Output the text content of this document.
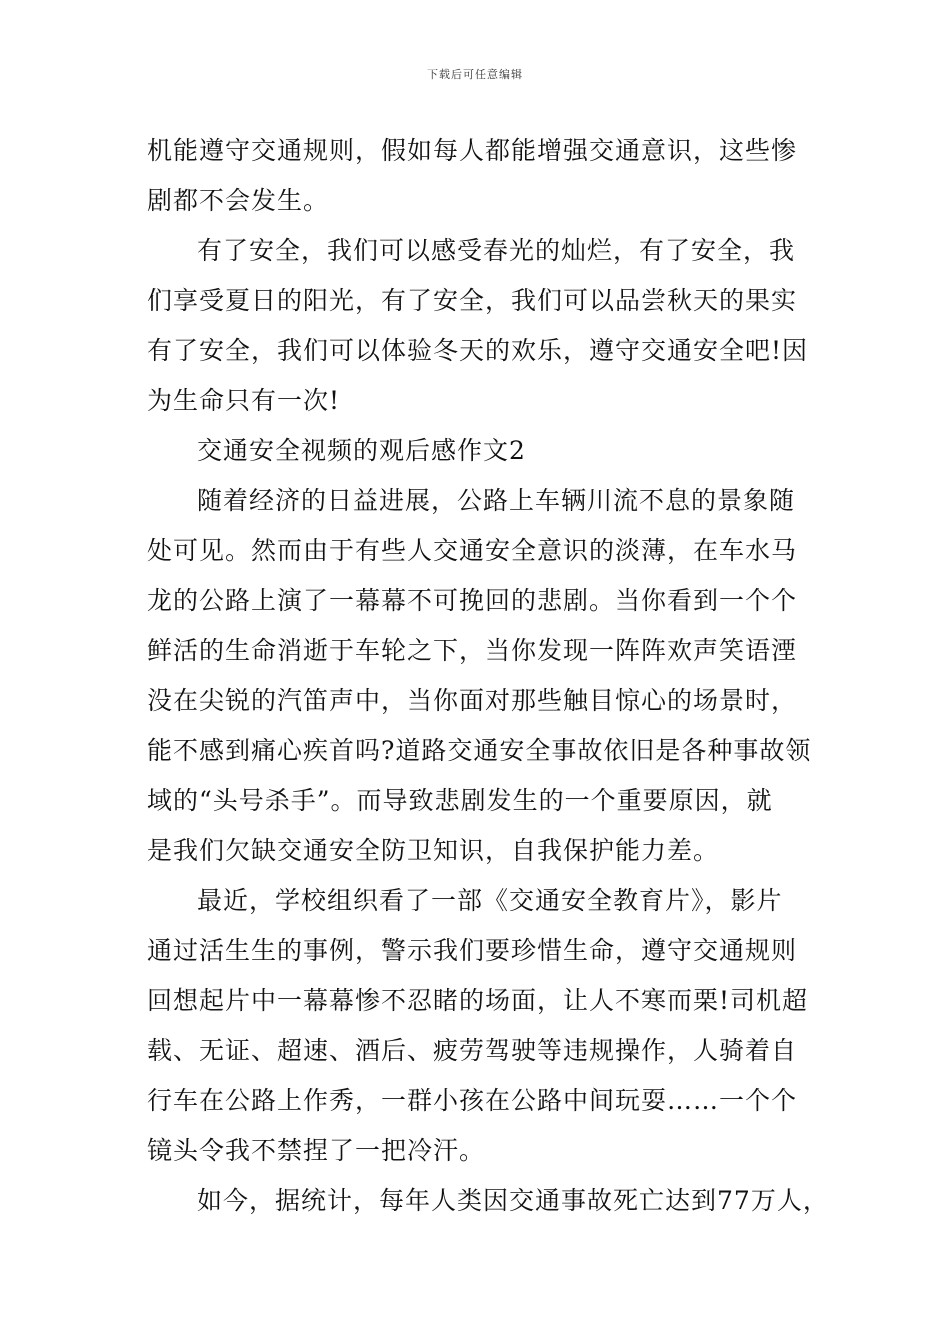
下载后可任意编辑
机能遵守交通规则，假如每人都能增强交通意识，这些惨
剧都不会发生。
有了安全，我们可以感受春光的灿烂，有了安全，我
们享受夏日的阳光，有了安全，我们可以品尝秋天的果实
有了安全，我们可以体验冬天的欢乐，遵守交通安全吧!因
为生命只有一次!
交通安全视频的观后感作文2
随着经济的日益进展，公路上车辆川流不息的景象随
处可见。然而由于有些人交通安全意识的淡薄，在车水马
龙的公路上演了一幕幕不可挽回的悲剧。当你看到一个个
鲜活的生命消逝于车轮之下，当你发现一阵阵欢声笑语湮
没在尖锐的汽笛声中，当你面对那些触目惊心的场景时，
能不感到痛心疾首吗?道路交通安全事故依旧是各种事故领
域的“头号杀手”。而导致悲剧发生的一个重要原因，就
是我们欠缺交通安全防卫知识，自我保护能力差。
最近，学校组织看了一部《交通安全教育片》，影片
通过活生生的事例，警示我们要珍惜生命，遵守交通规则
回想起片中一幕幕惨不忍睹的场面，让人不寒而栗!司机超
载、无证、超速、酒后、疲劳驾驶等违规操作，人骑着自
行车在公路上作秀，一群小孩在公路中间玩耍……一个个
镜头令我不禁捏了一把冷汗。
如今，据统计，每年人类因交通事故死亡达到77万人，
